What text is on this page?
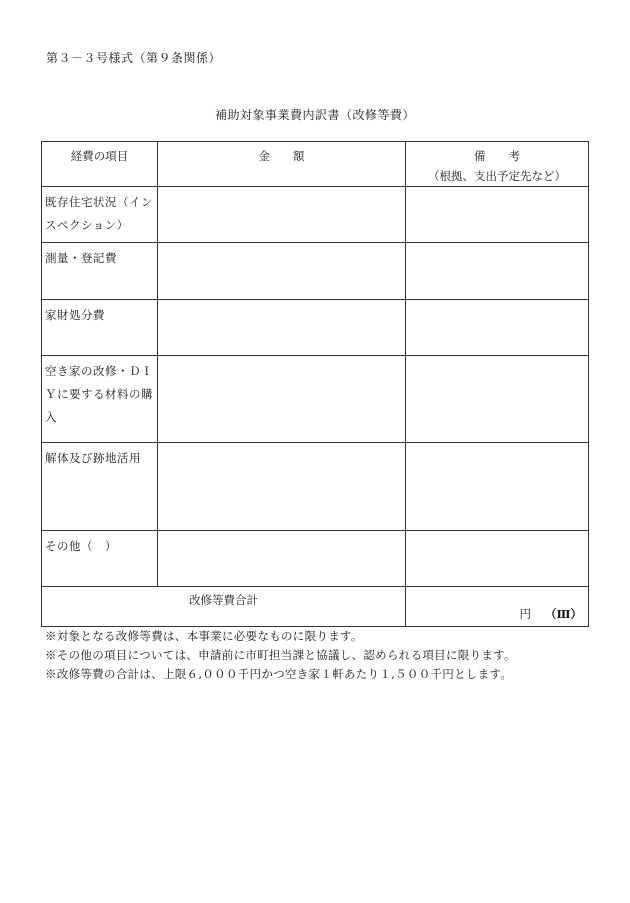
第３－３号様式（第９条関係）
補助対象事業費内訳書（改修等費）
経費の項目	金　　額	備　　考
（根拠、支出予定先など）

既存住宅状況（インスペクション）		
測量・登記費		
家財処分費		
空き家の改修・ＤＩＹに要する材料の購入		
解体及び跡地活用		
その他（　）		
改修等費合計		円 （Ⅲ）
※対象となる改修等費は、本事業に必要なものに限ります。
※その他の項目については、申請前に市町担当課と協議し、認められる項目に限ります。
※改修等費の合計は、上限６,０００千円かつ空き家１軒あたり１,５００千円とします。
